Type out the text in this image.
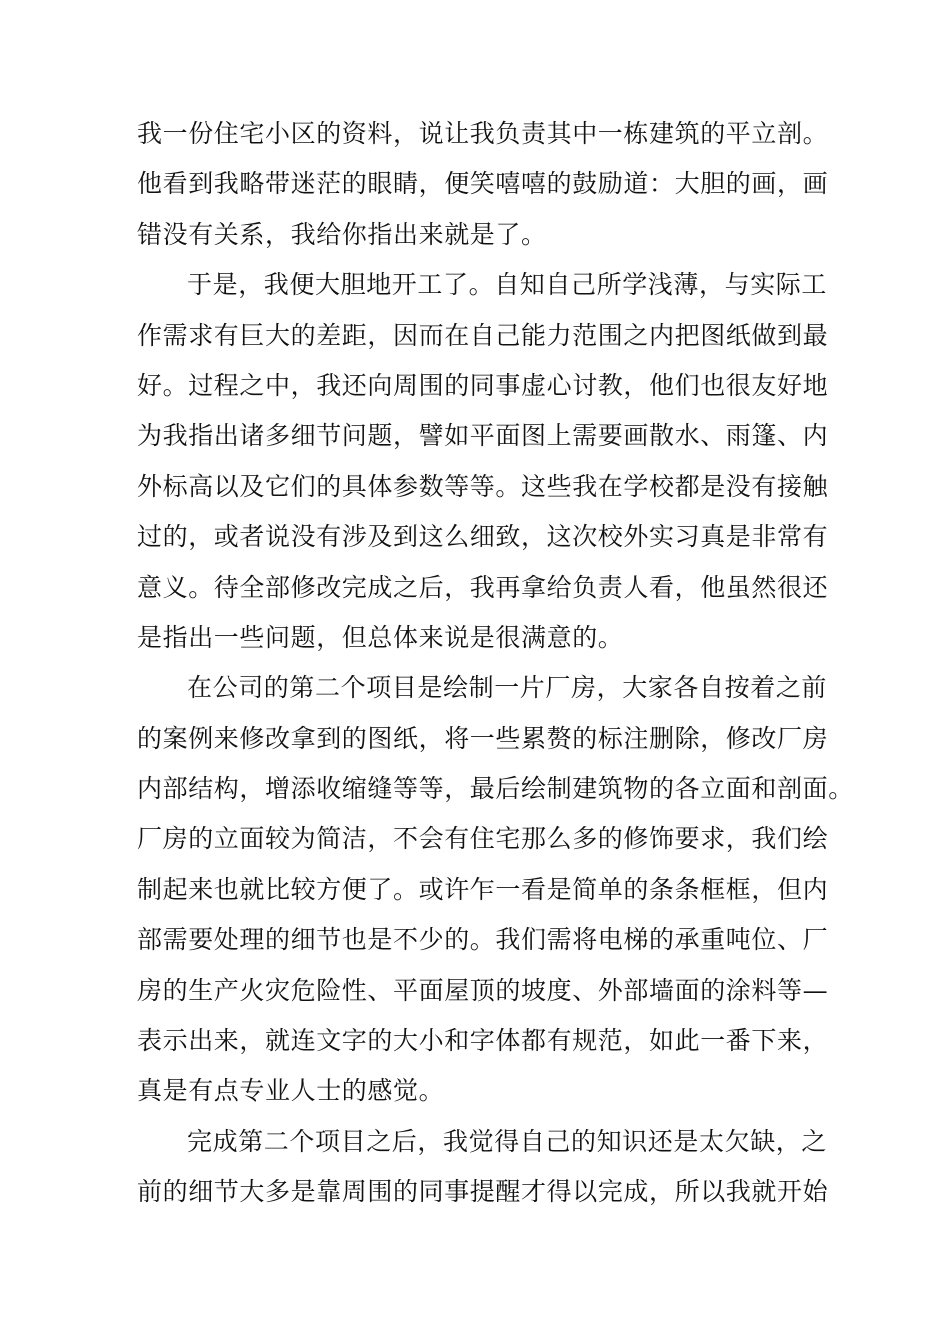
我一份住宅小区的资料，说让我负责其中一栋建筑的平立剖。
他看到我略带迷茫的眼睛，便笑嘻嘻的鼓励道：大胆的画，画
错没有关系，我给你指出来就是了。
于是，我便大胆地开工了。自知自己所学浅薄，与实际工
作需求有巨大的差距，因而在自己能力范围之内把图纸做到最
好。过程之中，我还向周围的同事虚心讨教，他们也很友好地
为我指出诸多细节问题，譬如平面图上需要画散水、雨篷、内
外标高以及它们的具体参数等等。这些我在学校都是没有接触
过的，或者说没有涉及到这么细致，这次校外实习真是非常有
意义。待全部修改完成之后，我再拿给负责人看，他虽然很还
是指出一些问题，但总体来说是很满意的。
在公司的第二个项目是绘制一片厂房，大家各自按着之前
的案例来修改拿到的图纸，将一些累赘的标注删除，修改厂房
内部结构，增添收缩缝等等，最后绘制建筑物的各立面和剖面。
厂房的立面较为简洁，不会有住宅那么多的修饰要求，我们绘
制起来也就比较方便了。或许乍一看是简单的条条框框，但内
部需要处理的细节也是不少的。我们需将电梯的承重吨位、厂
房的生产火灾危险性、平面屋顶的坡度、外部墙面的涂料等—
表示出来，就连文字的大小和字体都有规范，如此一番下来，
真是有点专业人士的感觉。
完成第二个项目之后，我觉得自己的知识还是太欠缺，之
前的细节大多是靠周围的同事提醒才得以完成，所以我就开始
